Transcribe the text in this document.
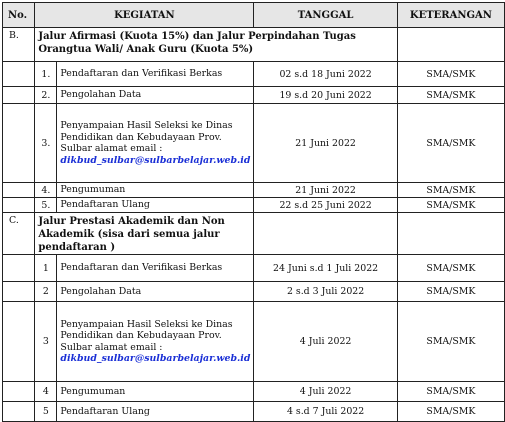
No.	KEGIATAN		TANGGAL	KETERANGAN
B.	Jalur Afirmasi (Kuota 15%) dan Jalur Perpindahan Tugas Orangtua Wali/ Anak Guru (Kuota 5%)			
	1.	Pendaftaran dan Verifikasi Berkas	02 s.d 18 Juni 2022	SMA/SMK
	2.	Pengolahan Data	19 s.d 20 Juni 2022	SMA/SMK
	3.	Penyampaian Hasil Seleksi ke Dinas Pendidikan dan Kebudayaan Prov. Sulbar alamat email :
dikbud_sulbar@sulbarbelajar.web.id	21 Juni 2022	SMA/SMK
	4.	Pengumuman	21 Juni 2022	SMA/SMK
	5.	Pendaftaran Ulang	22 s.d 25 Juni 2022	SMA/SMK
C.	Jalur Prestasi Akademik dan Non Akademik (sisa dari semua jalur pendaftaran )			
	1	Pendaftaran dan Verifikasi Berkas	24 Juni s.d 1 Juli 2022	SMA/SMK
	2	Pengolahan Data	2 s.d 3 Juli 2022	SMA/SMK
	3	Penyampaian Hasil Seleksi ke Dinas Pendidikan dan Kebudayaan Prov. Sulbar alamat email :
dikbud_sulbar@sulbarbelajar.web.id	4 Juli 2022	SMA/SMK
	4	Pengumuman	4 Juli 2022	SMA/SMK
	5	Pendaftaran Ulang	4 s.d 7 Juli 2022	SMA/SMK
